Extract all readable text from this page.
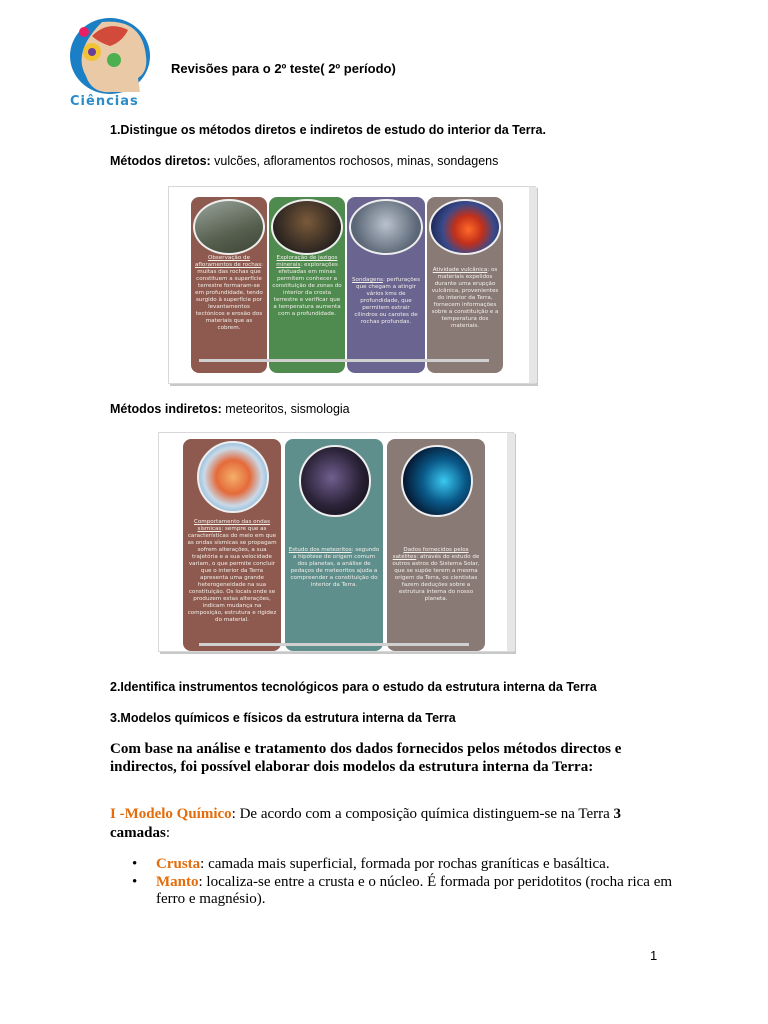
Ciências
Revisões para o 2º teste( 2º período)
1.Distingue os métodos diretos e indiretos de estudo do interior da Terra.
Métodos diretos: vulcões, afloramentos rochosos, minas, sondagens
Observação de afloramentos de rochas: muitas das rochas que constituem a superfície terrestre formaram-se em profundidade, tendo surgido à superfície por levantamentos tectónicos e erosão dos materiais que as cobrem.
Exploração de jazigos minerais: explorações efetuadas em minas permitem conhecer a constituição de zonas do interior da crosta terrestre e verificar que a temperatura aumenta com a profundidade.
Sondagens: perfurações que chegam a atingir vários kms de profundidade, que permitem extrair cilindros ou carotes de rochas profundas.
Atividade vulcânica: os materiais expelidos durante uma erupção vulcânica, provenientes do interior da Terra, fornecem informações sobre a constituição e a temperatura dos materiais.
Métodos indiretos: meteoritos, sismologia
Comportamento das ondas sísmicas: sempre que as características do meio em que as ondas sísmicas se propagam sofrem alterações, a sua trajetória e a sua velocidade variam, o que permite concluir que o interior da Terra apresenta uma grande heterogeneidade na sua constituição. Os locais onde se produzem estas alterações, indicam mudança na composição, estrutura e rigidez do material.
Estudo dos meteoritos: segundo a hipótese de origem comum dos planetas, a análise de pedaços de meteoritos ajuda a compreender a constituição do interior da Terra.
Dados fornecidos pelos satélites: através do estudo de outros astros do Sistema Solar, que se supõe terem a mesma origem da Terra, os cientistas fazem deduções sobre a estrutura interna do nosso planeta.
2.Identifica instrumentos tecnológicos para o estudo da estrutura interna da Terra
3.Modelos químicos e físicos da estrutura interna da Terra
Com base na análise e tratamento dos dados fornecidos pelos métodos directos e indirectos, foi possível elaborar dois modelos da estrutura interna da Terra:
I -Modelo Químico: De acordo com a composição química distinguem-se na Terra 3
camadas:
• Crusta: camada mais superficial, formada por rochas graníticas e basáltica.
• Manto: localiza-se entre a crusta e o núcleo. É formada por peridotitos (rocha rica em ferro e magnésio).
1
